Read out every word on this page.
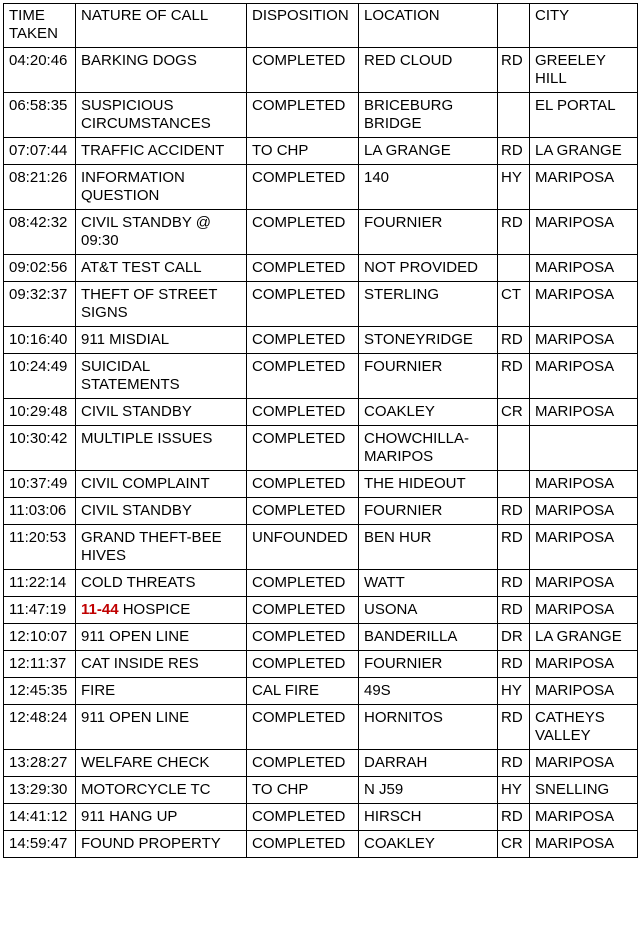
TIME TAKEN	NATURE OF CALL	DISPOSITION	LOCATION		CITY
04:20:46	BARKING DOGS	COMPLETED	RED CLOUD	RD	GREELEY HILL
06:58:35	SUSPICIOUS CIRCUMSTANCES	COMPLETED	BRICEBURG BRIDGE		EL PORTAL
07:07:44	TRAFFIC ACCIDENT	TO CHP	LA GRANGE	RD	LA GRANGE
08:21:26	INFORMATION QUESTION	COMPLETED	140	HY	MARIPOSA
08:42:32	CIVIL STANDBY @ 09:30	COMPLETED	FOURNIER	RD	MARIPOSA
09:02:56	AT&T TEST CALL	COMPLETED	NOT PROVIDED		MARIPOSA
09:32:37	THEFT OF STREET SIGNS	COMPLETED	STERLING	CT	MARIPOSA
10:16:40	911 MISDIAL	COMPLETED	STONEYRIDGE	RD	MARIPOSA
10:24:49	SUICIDAL STATEMENTS	COMPLETED	FOURNIER	RD	MARIPOSA
10:29:48	CIVIL STANDBY	COMPLETED	COAKLEY	CR	MARIPOSA
10:30:42	MULTIPLE ISSUES	COMPLETED	CHOWCHILLA-MARIPOS		
10:37:49	CIVIL COMPLAINT	COMPLETED	THE HIDEOUT		MARIPOSA
11:03:06	CIVIL STANDBY	COMPLETED	FOURNIER	RD	MARIPOSA
11:20:53	GRAND THEFT-BEE HIVES	UNFOUNDED	BEN HUR	RD	MARIPOSA
11:22:14	COLD THREATS	COMPLETED	WATT	RD	MARIPOSA
11:47:19	11-44 HOSPICE	COMPLETED	USONA	RD	MARIPOSA
12:10:07	911 OPEN LINE	COMPLETED	BANDERILLA	DR	LA GRANGE
12:11:37	CAT INSIDE RES	COMPLETED	FOURNIER	RD	MARIPOSA
12:45:35	FIRE	CAL FIRE	49S	HY	MARIPOSA
12:48:24	911 OPEN LINE	COMPLETED	HORNITOS	RD	CATHEYS VALLEY
13:28:27	WELFARE CHECK	COMPLETED	DARRAH	RD	MARIPOSA
13:29:30	MOTORCYCLE TC	TO CHP	N J59	HY	SNELLING
14:41:12	911 HANG UP	COMPLETED	HIRSCH	RD	MARIPOSA
14:59:47	FOUND PROPERTY	COMPLETED	COAKLEY	CR	MARIPOSA
